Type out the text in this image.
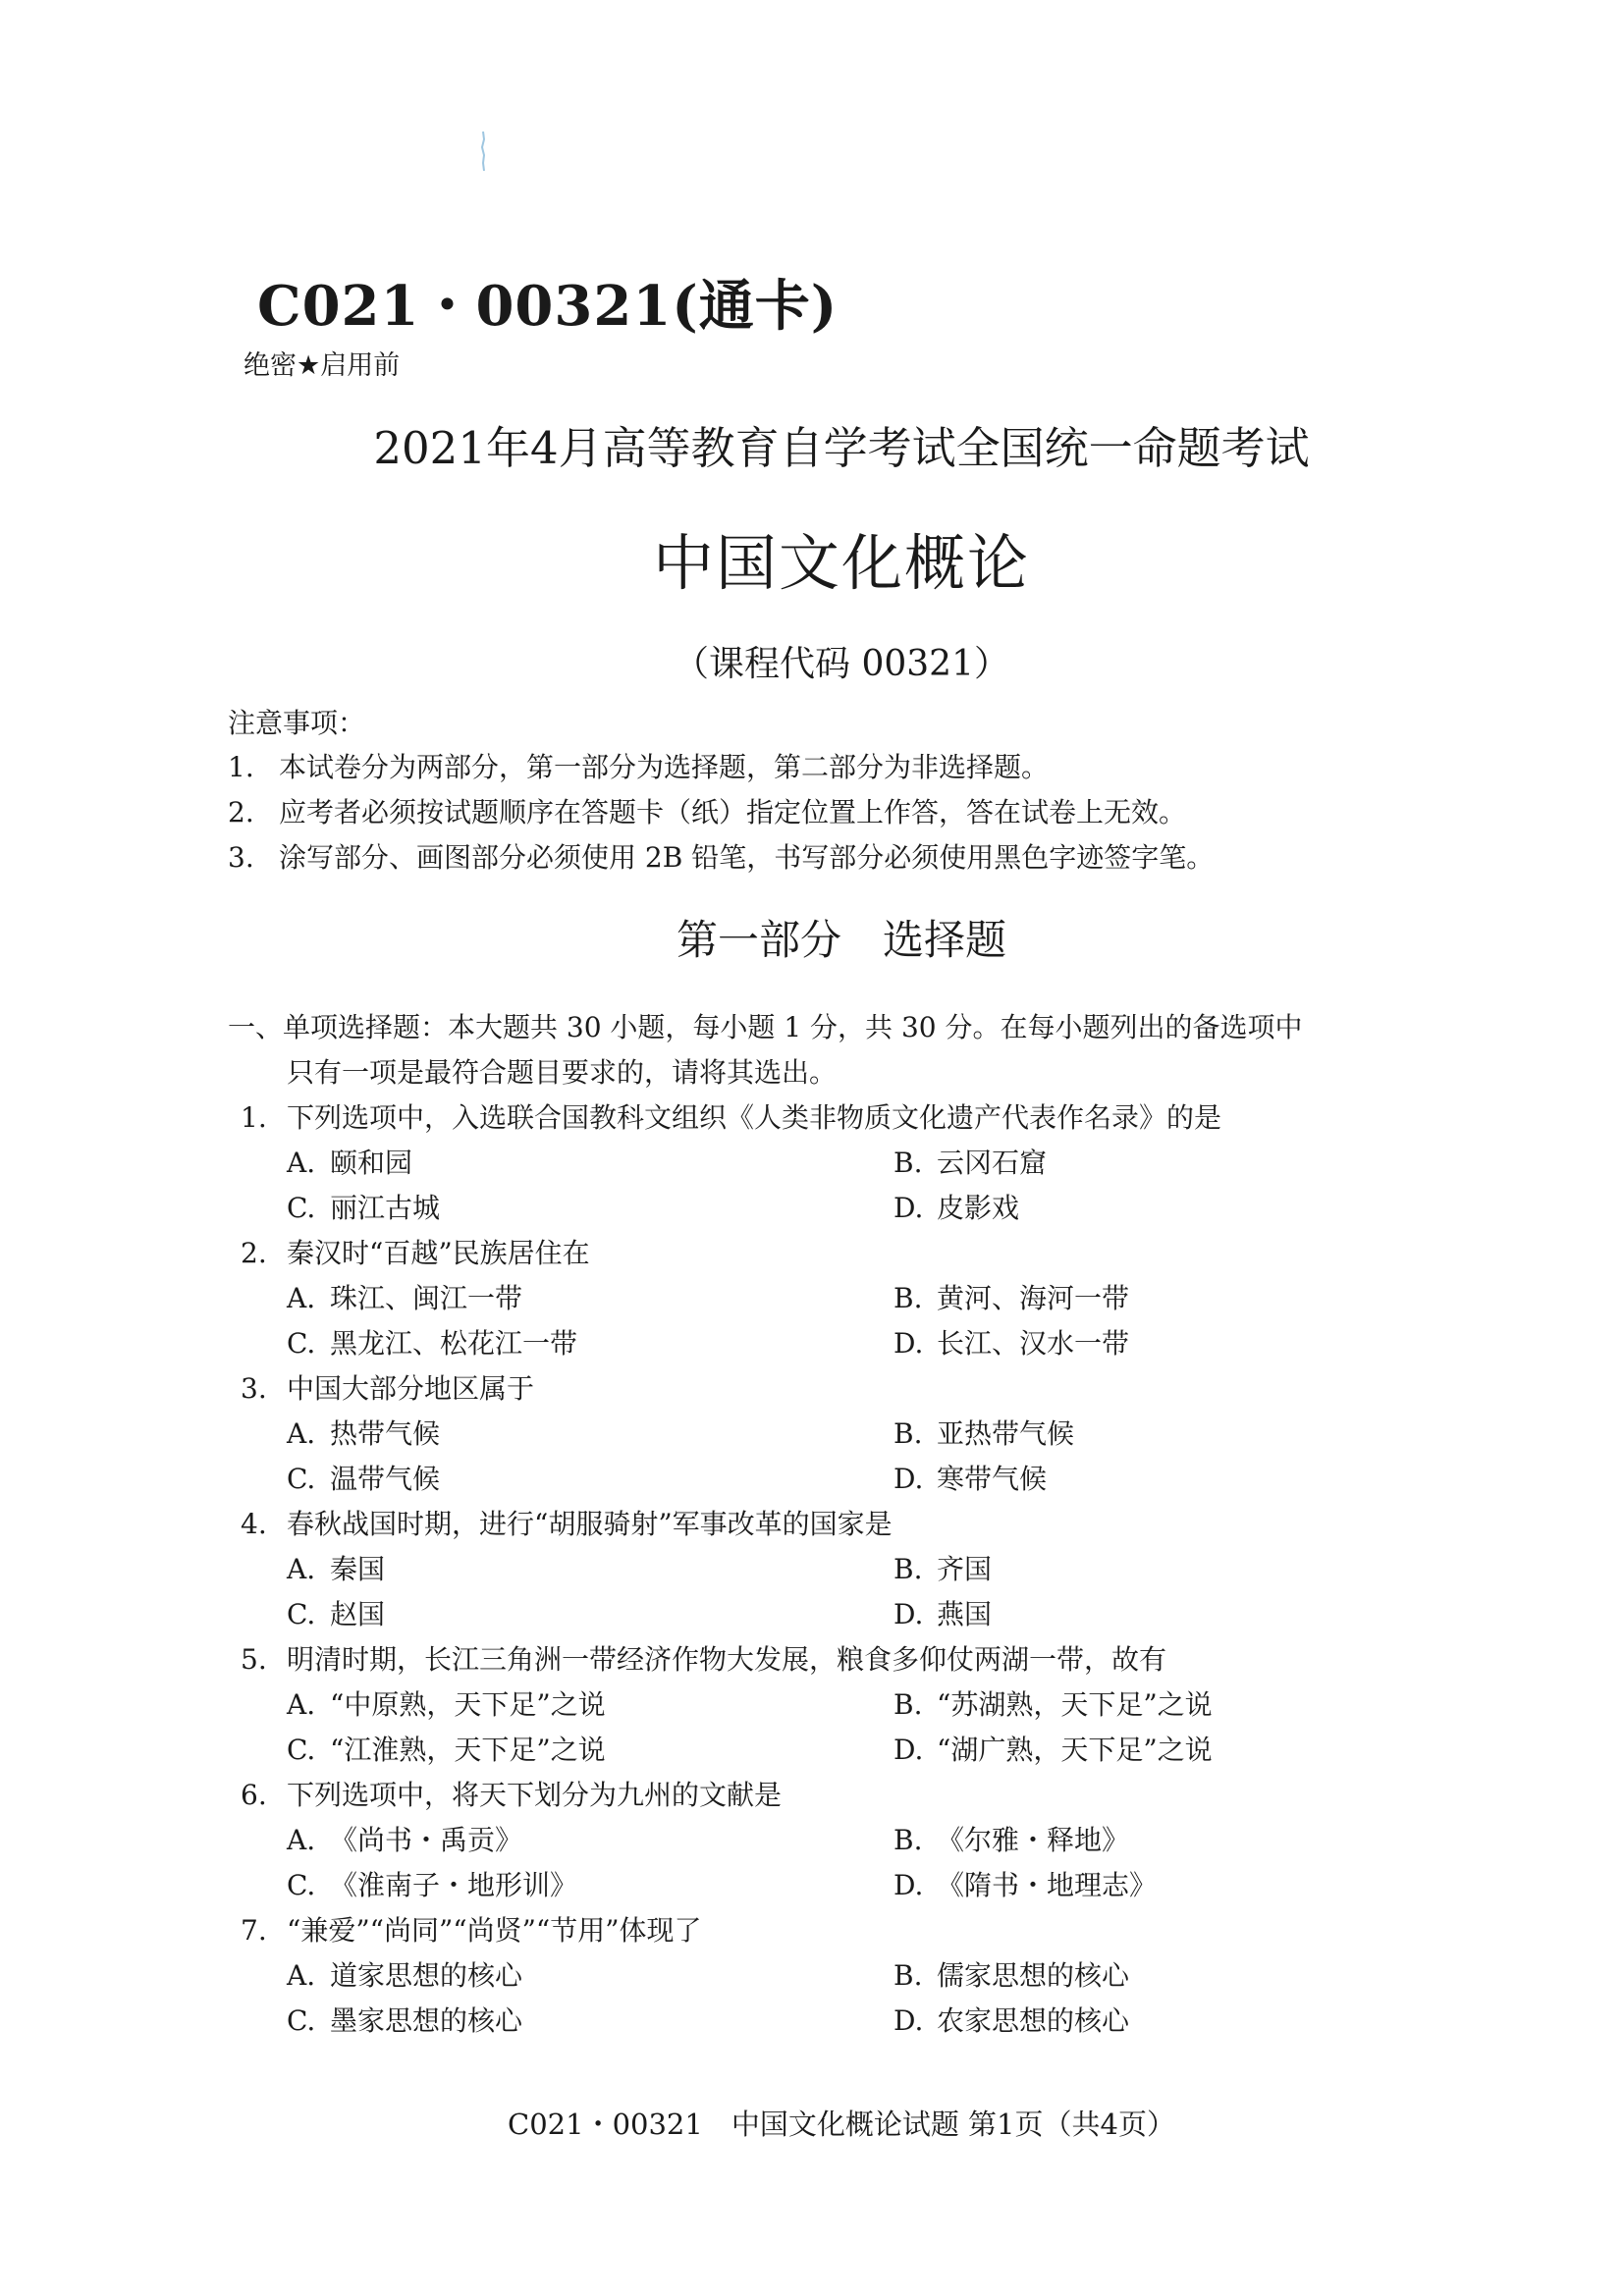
C021・00321(通卡)
绝密★启用前
2021年4月高等教育自学考试全国统一命题考试
中国文化概论
（课程代码 00321）
注意事项：
1. 本试卷分为两部分，第一部分为选择题，第二部分为非选择题。
2. 应考者必须按试题顺序在答题卡（纸）指定位置上作答，答在试卷上无效。
3. 涂写部分、画图部分必须使用 2B 铅笔，书写部分必须使用黑色字迹签字笔。
第一部分　选择题
一、单项选择题：本大题共 30 小题，每小题 1 分，共 30 分。在每小题列出的备选项中
只有一项是最符合题目要求的，请将其选出。
1. 下列选项中，入选联合国教科文组织《人类非物质文化遗产代表作名录》的是
A. 颐和园	B. 云冈石窟
C. 丽江古城	D. 皮影戏
2. 秦汉时“百越”民族居住在
A. 珠江、闽江一带	B. 黄河、海河一带
C. 黑龙江、松花江一带	D. 长江、汉水一带
3. 中国大部分地区属于
A. 热带气候	B. 亚热带气候
C. 温带气候	D. 寒带气候
4. 春秋战国时期，进行“胡服骑射”军事改革的国家是
A. 秦国	B. 齐国
C. 赵国	D. 燕国
5. 明清时期，长江三角洲一带经济作物大发展，粮食多仰仗两湖一带，故有
A. “中原熟，天下足”之说	B. “苏湖熟，天下足”之说
C. “江淮熟，天下足”之说	D. “湖广熟，天下足”之说
6. 下列选项中，将天下划分为九州的文献是
A. 《尚书・禹贡》	B. 《尔雅・释地》
C. 《淮南子・地形训》	D. 《隋书・地理志》
7. “兼爱”“尚同”“尚贤”“节用”体现了
A. 道家思想的核心	B. 儒家思想的核心
C. 墨家思想的核心	D. 农家思想的核心
C021・00321　中国文化概论试题 第1页（共4页）
